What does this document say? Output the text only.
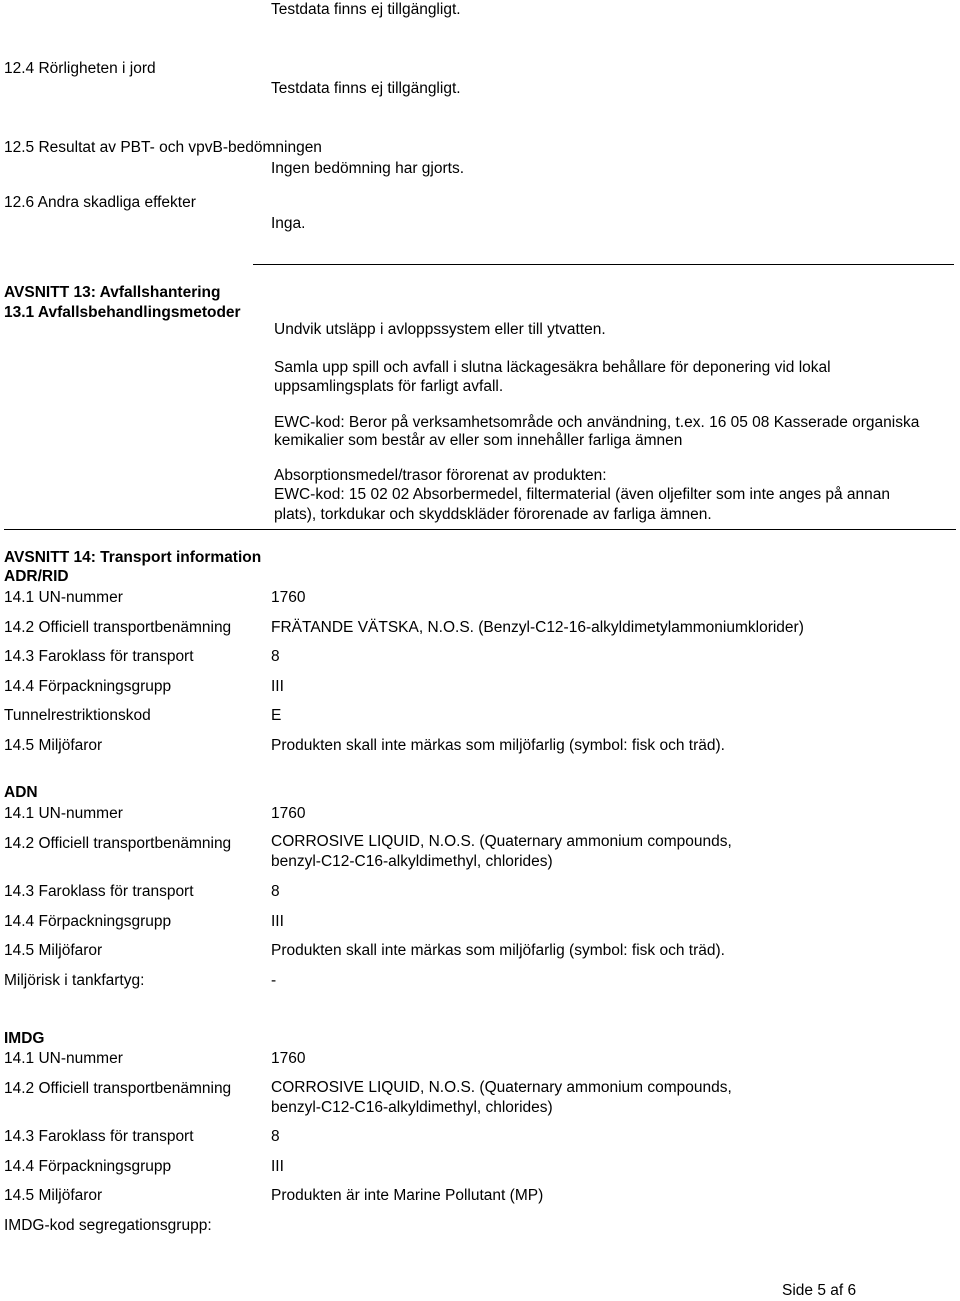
Testdata finns ej tillgängligt.
12.4 Rörligheten i jord
Testdata finns ej tillgängligt.
12.5 Resultat av PBT- och vpvB-bedömningen
Ingen bedömning har gjorts.
12.6 Andra skadliga effekter
Inga.
AVSNITT 13: Avfallshantering
13.1 Avfallsbehandlingsmetoder
Undvik utsläpp i avloppssystem eller till ytvatten.
Samla upp spill och avfall i slutna läckagesäkra behållare för deponering vid lokal
uppsamlingsplats för farligt avfall.
EWC-kod: Beror på verksamhetsområde och användning, t.ex. 16 05 08 Kasserade organiska
kemikalier som består av eller som innehåller farliga ämnen
Absorptionsmedel/trasor förorenat av produkten:
EWC-kod: 15 02 02 Absorbermedel, filtermaterial (även oljefilter som inte anges på annan
plats), torkdukar och skyddskläder förorenade av farliga ämnen.
AVSNITT 14: Transport information
ADR/RID
14.1 UN-nummer	1760
14.2 Officiell transportbenämning	FRÄTANDE VÄTSKA, N.O.S. (Benzyl-C12-16-alkyldimetylammoniumklorider)
14.3 Faroklass för transport	8
14.4 Förpackningsgrupp	III
Tunnelrestriktionskod	E
14.5 Miljöfaror	Produkten skall inte märkas som miljöfarlig (symbol: fisk och träd).
ADN
14.1 UN-nummer	1760
14.2 Officiell transportbenämning	CORROSIVE LIQUID, N.O.S. (Quaternary ammonium compounds,
benzyl-C12-C16-alkyldimethyl, chlorides)
14.3 Faroklass för transport	8
14.4 Förpackningsgrupp	III
14.5 Miljöfaror	Produkten skall inte märkas som miljöfarlig (symbol: fisk och träd).
Miljörisk i tankfartyg:	-
IMDG
14.1 UN-nummer	1760
14.2 Officiell transportbenämning	CORROSIVE LIQUID, N.O.S. (Quaternary ammonium compounds,
benzyl-C12-C16-alkyldimethyl, chlorides)
14.3 Faroklass för transport	8
14.4 Förpackningsgrupp	III
14.5 Miljöfaror	Produkten är inte Marine Pollutant (MP)
IMDG-kod segregationsgrupp:
Side 5 af 6
